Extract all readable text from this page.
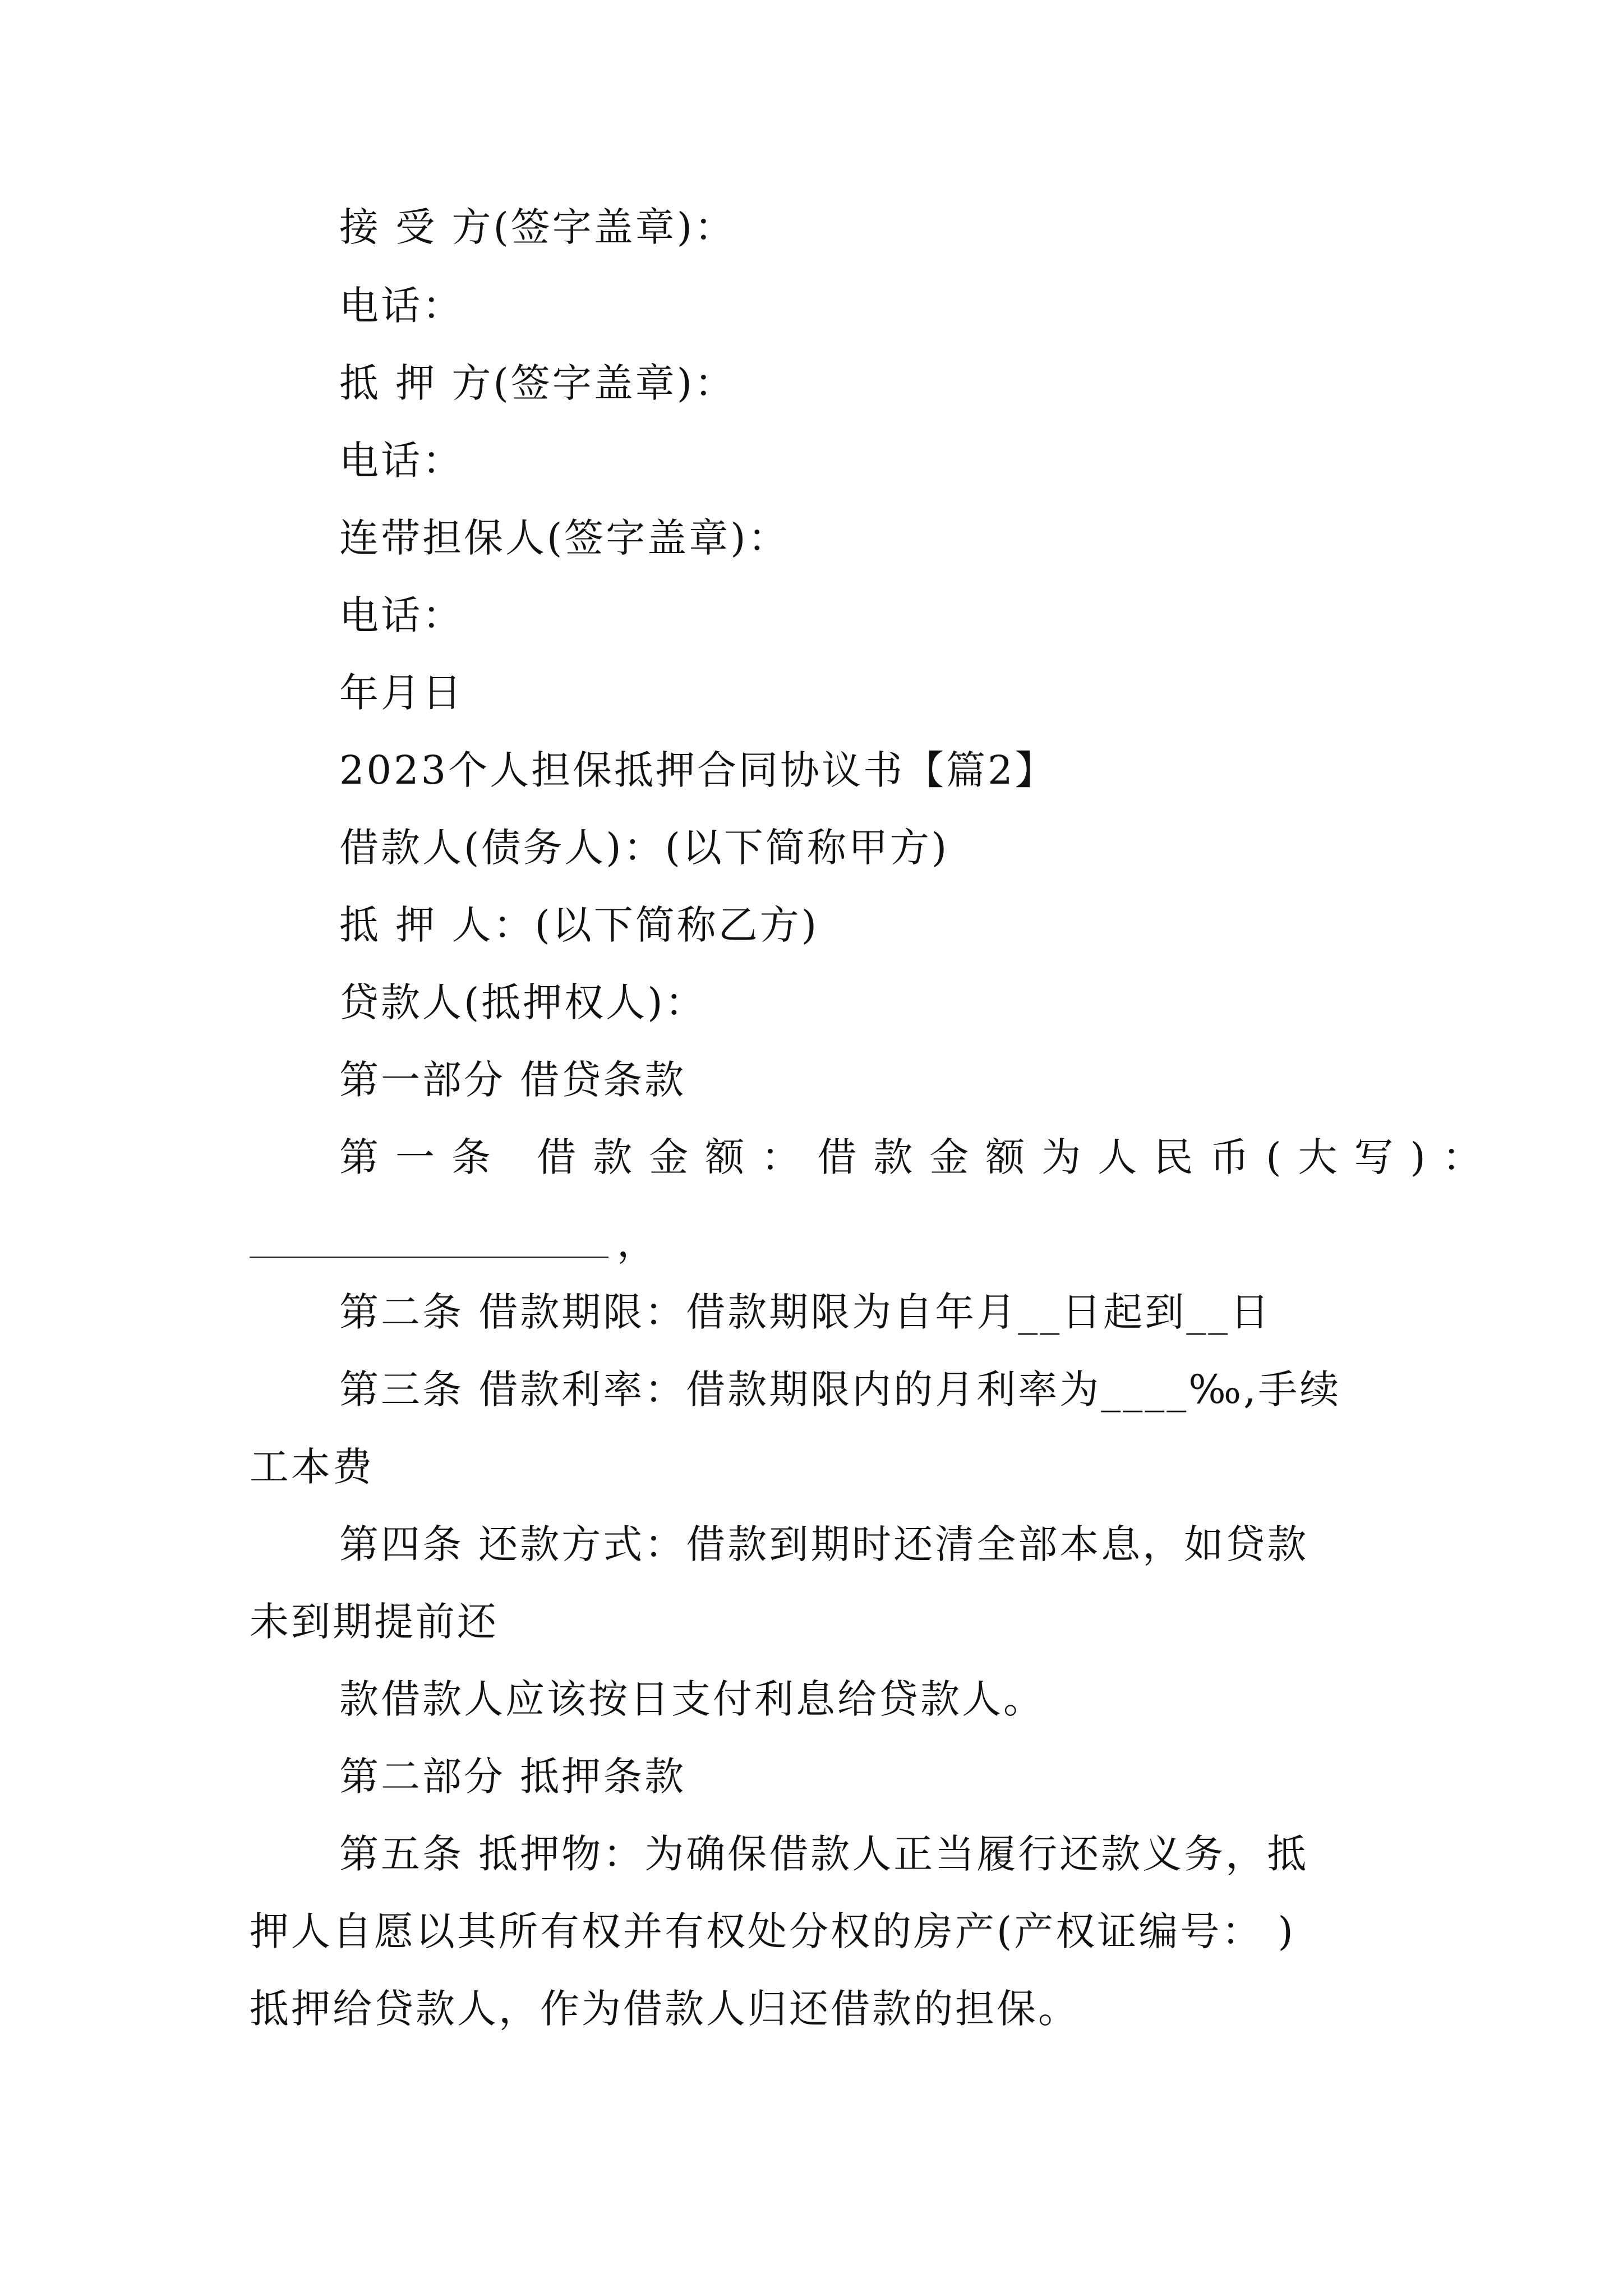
接 受 方(签字盖章)：
电话：
抵 押 方(签字盖章)：
电话：
连带担保人(签字盖章)：
电话：
年月日
2023个人担保抵押合同协议书【篇2】
借款人(债务人)：(以下简称甲方)
抵 押 人：(以下简称乙方)
贷款人(抵押权人)：
第一部分 借贷条款
第一条 借款金额：借款金额为人民币(大写)：
，
第二条 借款期限：借款期限为自年月__日起到__日
第三条 借款利率：借款期限内的月利率为____‰,手续
工本费
第四条 还款方式：借款到期时还清全部本息，如贷款
未到期提前还
款借款人应该按日支付利息给贷款人。
第二部分 抵押条款
第五条 抵押物：为确保借款人正当履行还款义务，抵
押人自愿以其所有权并有权处分权的房产(产权证编号： )
抵押给贷款人，作为借款人归还借款的担保。
